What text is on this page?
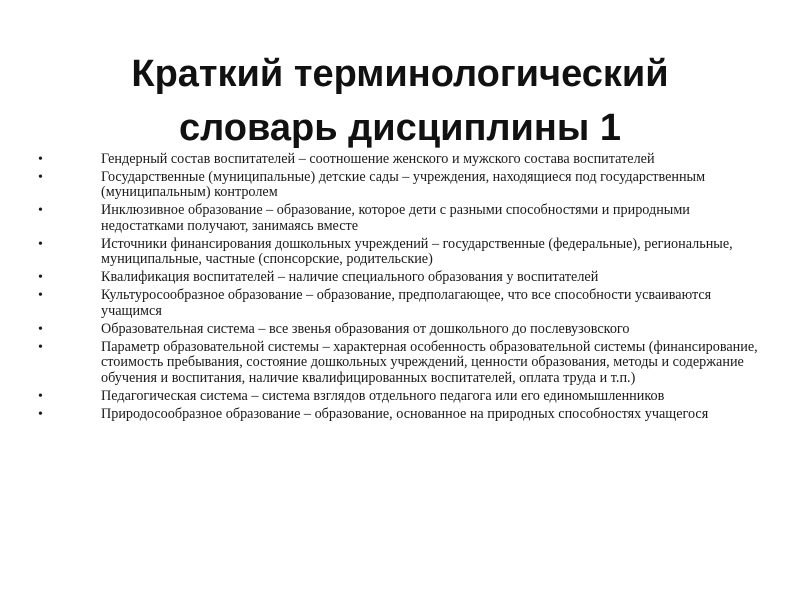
Краткий терминологический
словарь дисциплины 1
•	Гендерный состав воспитателей – соотношение женского и мужского состава воспитателей
•	Государственные (муниципальные) детские сады – учреждения, находящиеся под государственным (муниципальным) контролем
•	Инклюзивное образование – образование, которое дети с разными способностями и природными недостатками получают, занимаясь вместе
•	Источники финансирования дошкольных учреждений – государственные (федеральные), региональные, муниципальные, частные (спонсорские, родительские)
•	Квалификация воспитателей – наличие специального образования у воспитателей
•	Культуросообразное образование – образование, предполагающее, что все способности усваиваются учащимся
•	Образовательная система – все звенья образования от дошкольного до послевузовского
•	Параметр образовательной системы – характерная особенность образовательной системы (финансирование, стоимость пребывания, состояние дошкольных учреждений, ценности образования, методы и содержание обучения и воспитания, наличие квалифицированных воспитателей, оплата труда и т.п.)
•	Педагогическая система – система взглядов отдельного педагога или его единомышленников
•	Природосообразное образование – образование, основанное на природных способностях учащегося
